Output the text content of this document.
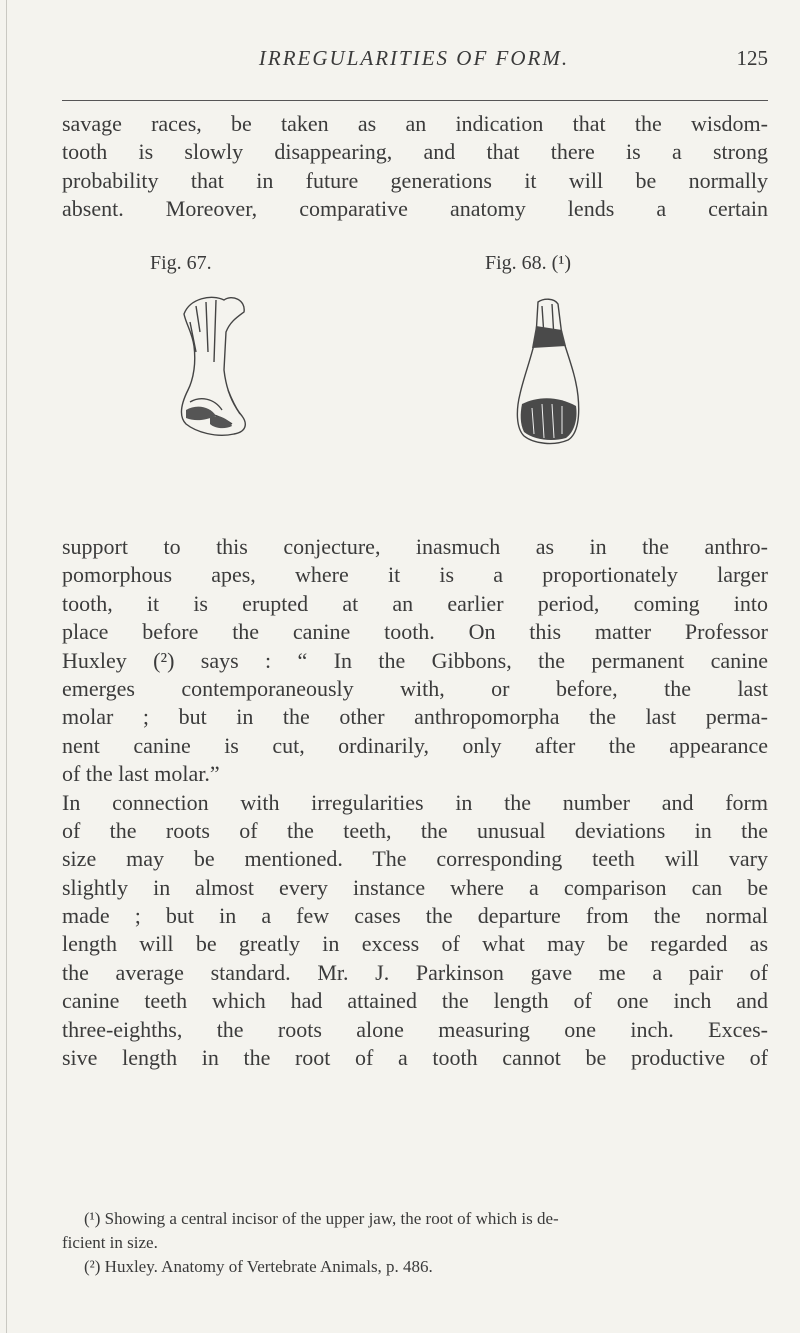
IRREGULARITIES OF FORM.	125
savage races, be taken as an indication that the wisdom-
tooth is slowly disappearing, and that there is a strong
probability that in future generations it will be normally
absent. Moreover, comparative anatomy lends a certain
Fig. 67.	Fig. 68. (¹)
support to this conjecture, inasmuch as in the anthro-
pomorphous apes, where it is a proportionately larger
tooth, it is erupted at an earlier period, coming into
place before the canine tooth. On this matter Professor
Huxley (²) says : “ In the Gibbons, the permanent canine
emerges contemporaneously with, or before, the last
molar ; but in the other anthropomorpha the last perma-
nent canine is cut, ordinarily, only after the appearance
of the last molar.”
In connection with irregularities in the number and form
of the roots of the teeth, the unusual deviations in the
size may be mentioned. The corresponding teeth will vary
slightly in almost every instance where a comparison can be
made ; but in a few cases the departure from the normal
length will be greatly in excess of what may be regarded as
the average standard. Mr. J. Parkinson gave me a pair of
canine teeth which had attained the length of one inch and
three-eighths, the roots alone measuring one inch. Exces-
sive length in the root of a tooth cannot be productive of
(¹) Showing a central incisor of the upper jaw, the root of which is de-
ficient in size.
(²) Huxley. Anatomy of Vertebrate Animals, p. 486.
